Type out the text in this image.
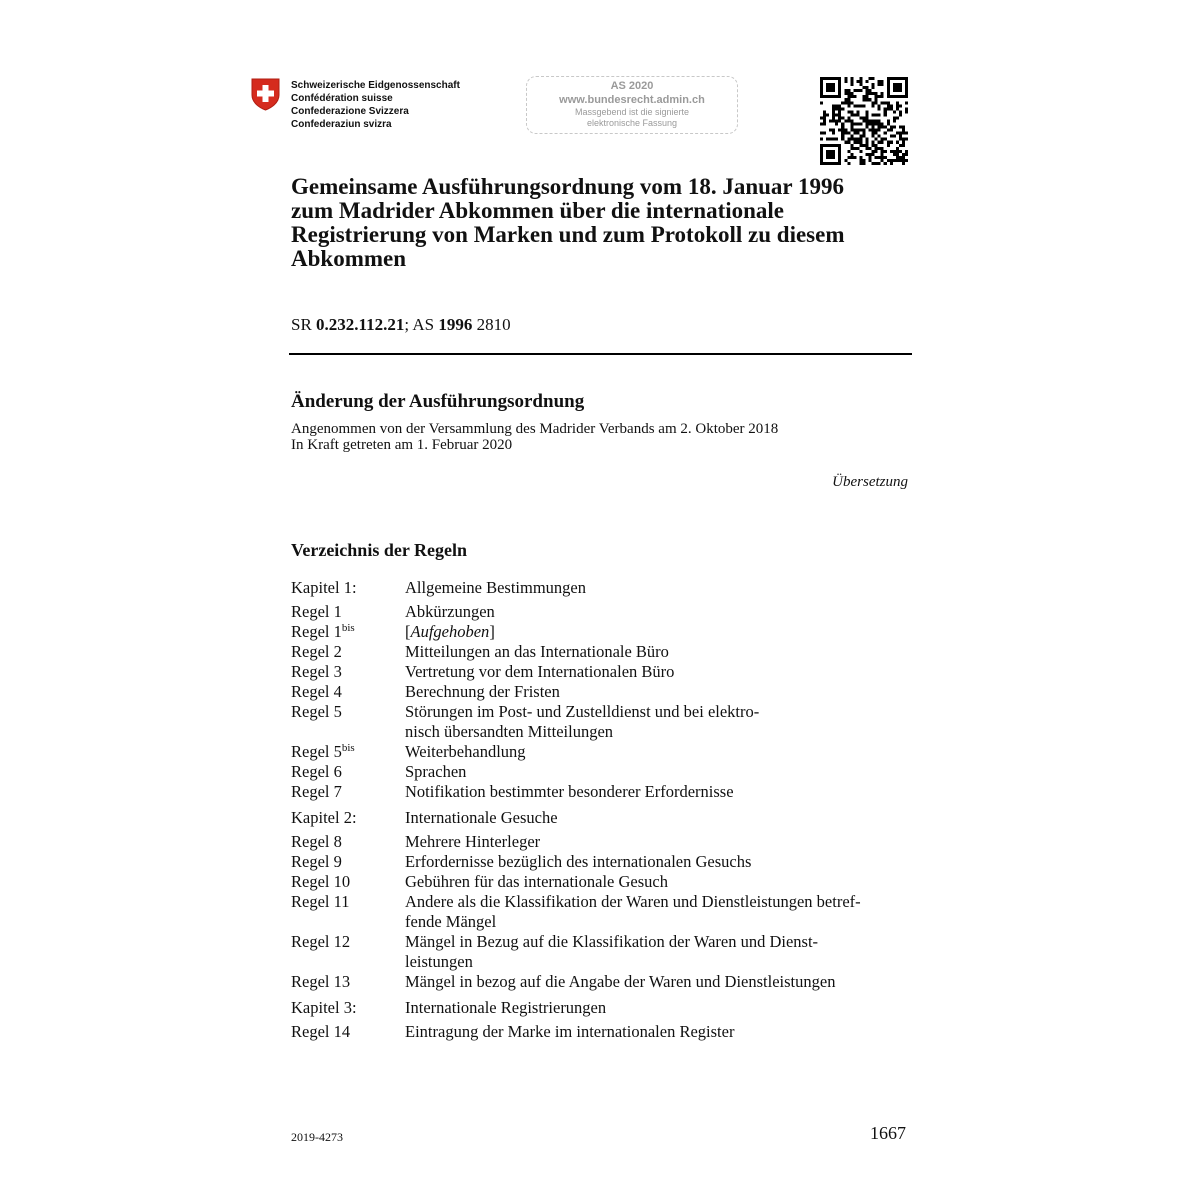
Schweizerische Eidgenossenschaft
Confédération suisse
Confederazione Svizzera
Confederaziun svizra
AS 2020
www.bundesrecht.admin.ch
Massgebend ist die signierte
elektronische Fassung
Gemeinsame Ausführungsordnung vom 18. Januar 1996
zum Madrider Abkommen über die internationale
Registrierung von Marken und zum Protokoll zu diesem
Abkommen
SR 0.232.112.21; AS 1996 2810
Änderung der Ausführungsordnung
Angenommen von der Versammlung des Madrider Verbands am 2. Oktober 2018
In Kraft getreten am 1. Februar 2020
Übersetzung
Verzeichnis der Regeln
Kapitel 1:	Allgemeine Bestimmungen
Regel 1	Abkürzungen
Regel $1^{bis}$	[Aufgehoben]
Regel 2	Mitteilungen an das Internationale Büro
Regel 3	Vertretung vor dem Internationalen Büro
Regel 4	Berechnung der Fristen
Regel 5	Störungen im Post- und Zustelldienst und bei elektro-
nisch übersandten Mitteilungen
Regel $5^{bis}$	Weiterbehandlung
Regel 6	Sprachen
Regel 7	Notifikation bestimmter besonderer Erfordernisse
Kapitel 2:	Internationale Gesuche
Regel 8	Mehrere Hinterleger
Regel 9	Erfordernisse bezüglich des internationalen Gesuchs
Regel 10	Gebühren für das internationale Gesuch
Regel 11	Andere als die Klassifikation der Waren und Dienstleistungen betref-
fende Mängel
Regel 12	Mängel in Bezug auf die Klassifikation der Waren und Dienst-
leistungen
Regel 13	Mängel in bezog auf die Angabe der Waren und Dienstleistungen
Kapitel 3:	Internationale Registrierungen
Regel 14	Eintragung der Marke im internationalen Register
2019-4273	1667
